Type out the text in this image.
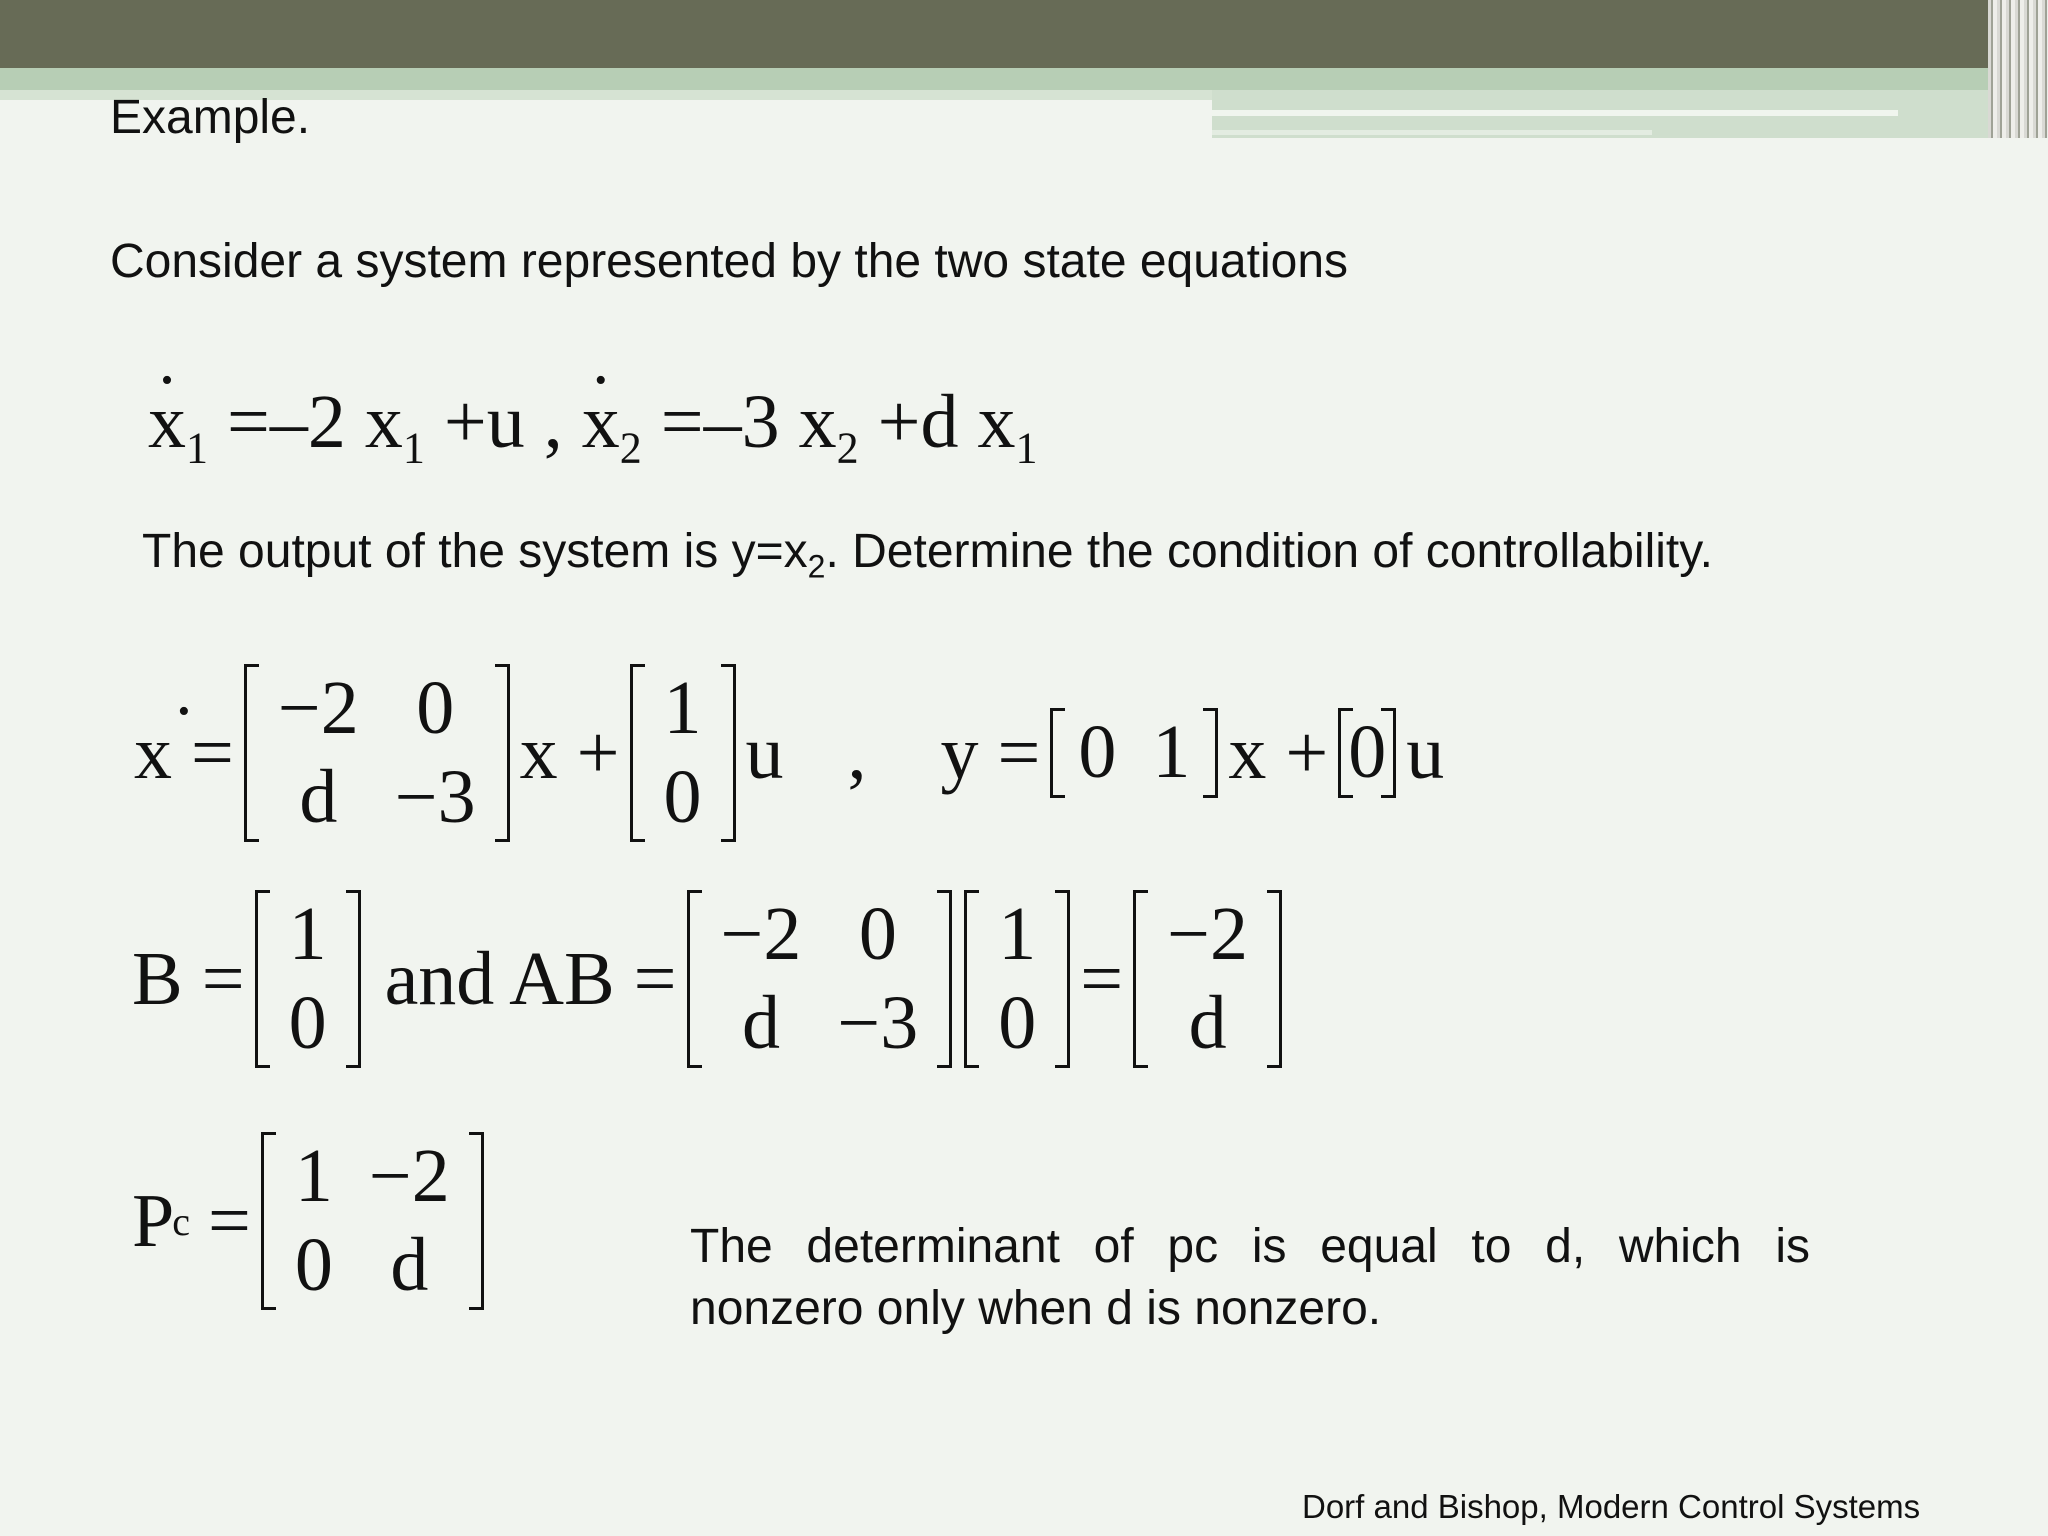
Example.
Consider a system represented by the two state equations
· $x_1 =-2$ $x_1 +u$ , · $x_2 =-3$ $x_2 +d$ $x_1$
The output of the system is $y=x_2$. Determine the condition of controllability.
· x =
−2	0
d	−3
x +
1
0
u , y = 0	1 x + 0 u
B =
1
0
and AB =
−2	0
d	−3
1
0
=
−2
d
P
c =
1	−2
0	d	The determinant of pc is equal to d, which is nonzero only when d is nonzero.
Dorf and Bishop, Modern Control Systems
